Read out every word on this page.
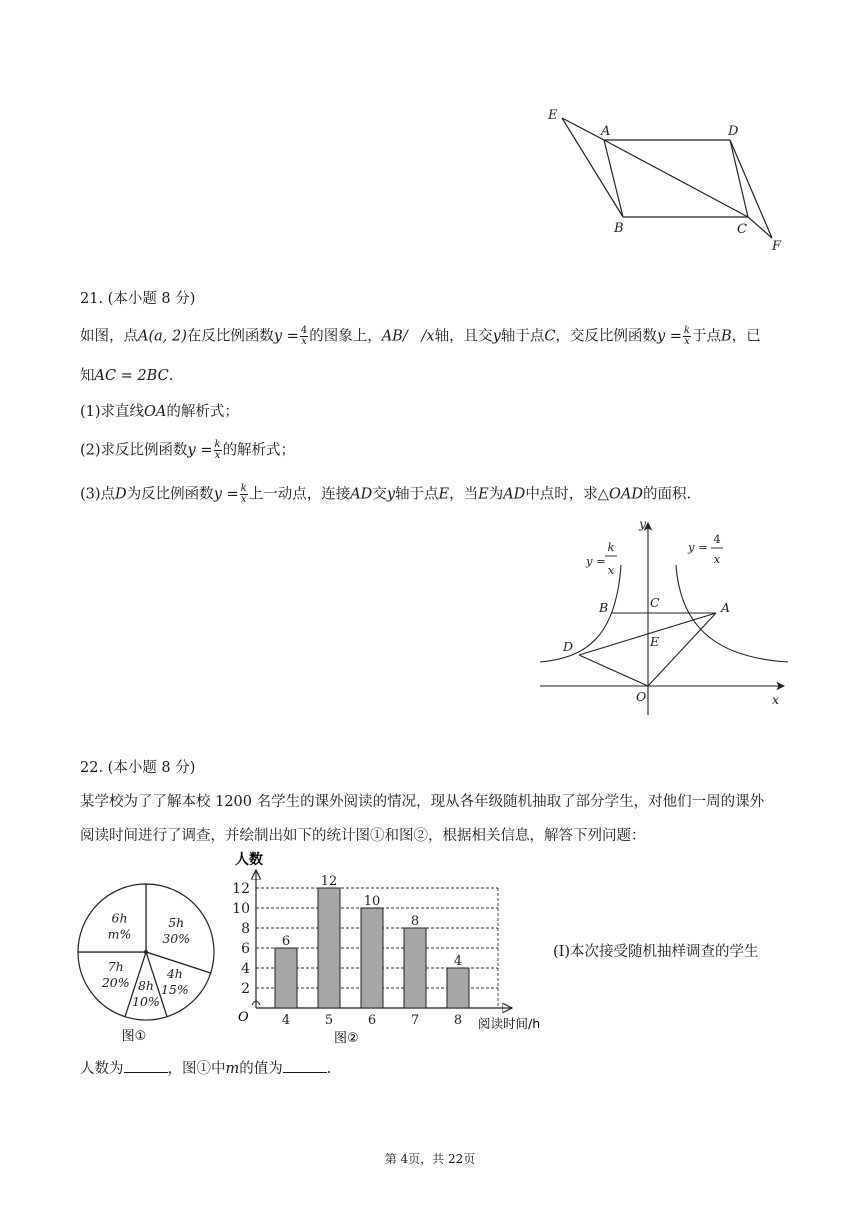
E
A	D
B	C
F
21. (本小题 8 分)
如图，点A(a, 2)在反比例函数$y = \frac{4}{x}$ 的图象上，AB/ /x轴，且交y轴于点C，交反比例函数$y = \frac{k}{x}$ 于点B，已
知AC = 2BC.
(1)求直线OA的解析式；
(2)求反比例函数$y = \frac{k}{x}$ 的解析式；
(3)点D为反比例函数$y = \frac{k}{x}$ 上一动点，连接AD交y轴于点E，当E为AD中点时，求△OAD的面积.
y
x
B	C	A
D	E
O
y =
k
x
y =
4
x
22. (本小题 8 分)
某学校为了了解本校 1200 名学生的课外阅读的情况，现从各年级随机抽取了部分学生，对他们一周的课外
阅读时间进行了调查，并绘制出如下的统计图①和图②，根据相关信息，解答下列问题：
5h
30%
4h
15%
8h
10%
7h
20%
6h
m%
图①
人数
2
4
6
8
10
12
6
4
12
5
10
6
8
7
4
8
O	阅读时间/h
图②
(I)本次接受随机抽样调查的学生
人数为	，图①中m的值为	.
第 4页，共 22页
